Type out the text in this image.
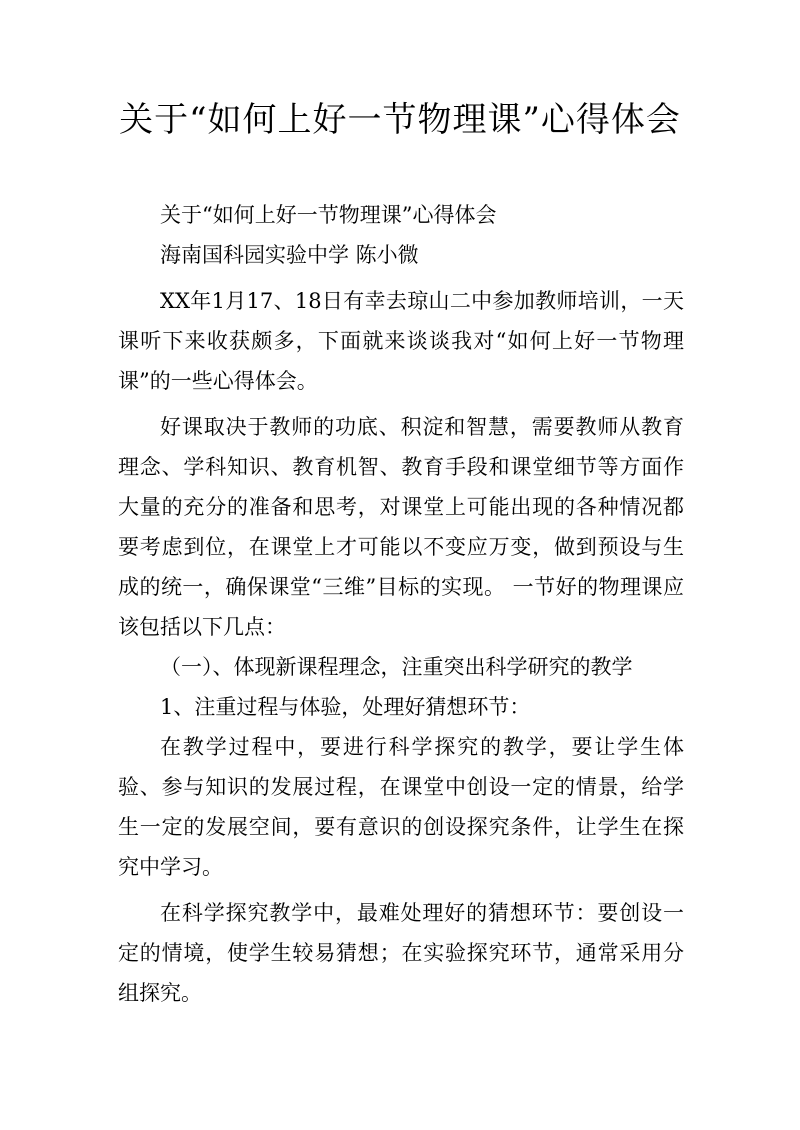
关于“如何上好一节物理课”心得体会

关于“如何上好一节物理课”心得体会

海南国科园实验中学 陈小微

XX年1月17、18日有幸去琼山二中参加教师培训，一天课听下来收获颇多，下面就来谈谈我对“如何上好一节物理课”的一些心得体会。

好课取决于教师的功底、积淀和智慧，需要教师从教育理念、学科知识、教育机智、教育手段和课堂细节等方面作大量的充分的准备和思考，对课堂上可能出现的各种情况都要考虑到位，在课堂上才可能以不变应万变，做到预设与生成的统一，确保课堂“三维”目标的实现。 一节好的物理课应该包括以下几点：

（一）、体现新课程理念，注重突出科学研究的教学

1、注重过程与体验，处理好猜想环节：

在教学过程中，要进行科学探究的教学，要让学生体验、参与知识的发展过程，在课堂中创设一定的情景，给学生一定的发展空间，要有意识的创设探究条件，让学生在探究中学习。

在科学探究教学中，最难处理好的猜想环节：要创设一定的情境，使学生较易猜想；在实验探究环节，通常采用分组探究。
